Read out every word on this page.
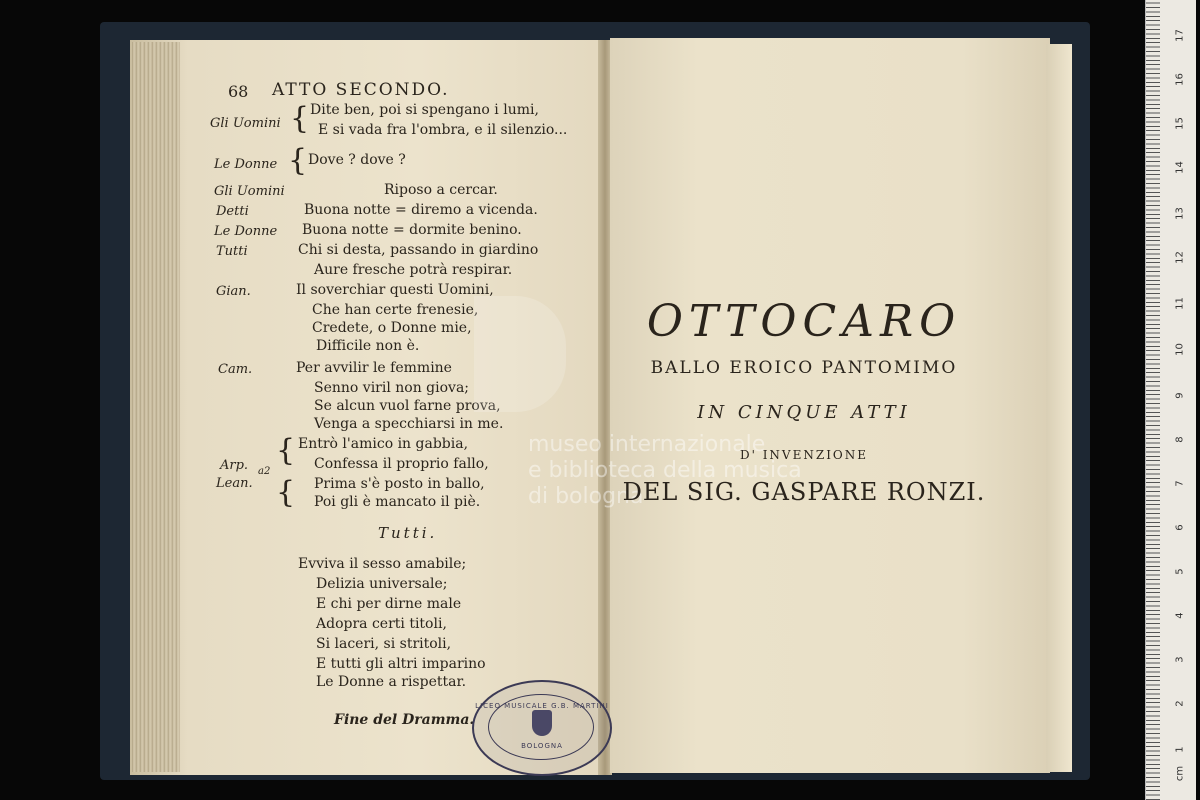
68 ATTO SECONDO.
Gli Uomini {
Le Donne {
Gli Uomini
Detti
Le Donne
Tutti
Gian.
Cam.
Arp. a2
Lean.
{
{
Dite ben, poi si spengano i lumi,
E si vada fra l'ombra, e il silenzio...
Dove ? dove ?
Riposo a cercar.
Buona notte = diremo a vicenda.
Buona notte = dormite benino.
Chi si desta, passando in giardino
Aure fresche potrà respirar.
Il soverchiar questi Uomini,
Che han certe frenesie,
Credete, o Donne mie,
Difficile non è.
Per avvilir le femmine
Senno viril non giova;
Se alcun vuol farne prova,
Venga a specchiarsi in me.
Entrò l'amico in gabbia,
Confessa il proprio fallo,
Prima s'è posto in ballo,
Poi gli è mancato il piè.
Tutti.
Evviva il sesso amabile;
Delizia universale;
E chi per dirne male
Adopra certi titoli,
Si laceri, si stritoli,
E tutti gli altri imparino
Le Donne a rispettar.
Fine del Dramma.
museo internazionale
e biblioteca della musica
di bologna
OTTOCARO
BALLO EROICO PANTOMIMO
IN CINQUE ATTI
D' INVENZIONE
DEL SIG. GASPARE RONZI.
LICEO MUSICALE G.B. MARTINI
BOLOGNA
cm
1
2
3
4
5
6
7
8
9
10
11
12
13
14
15
16
17
